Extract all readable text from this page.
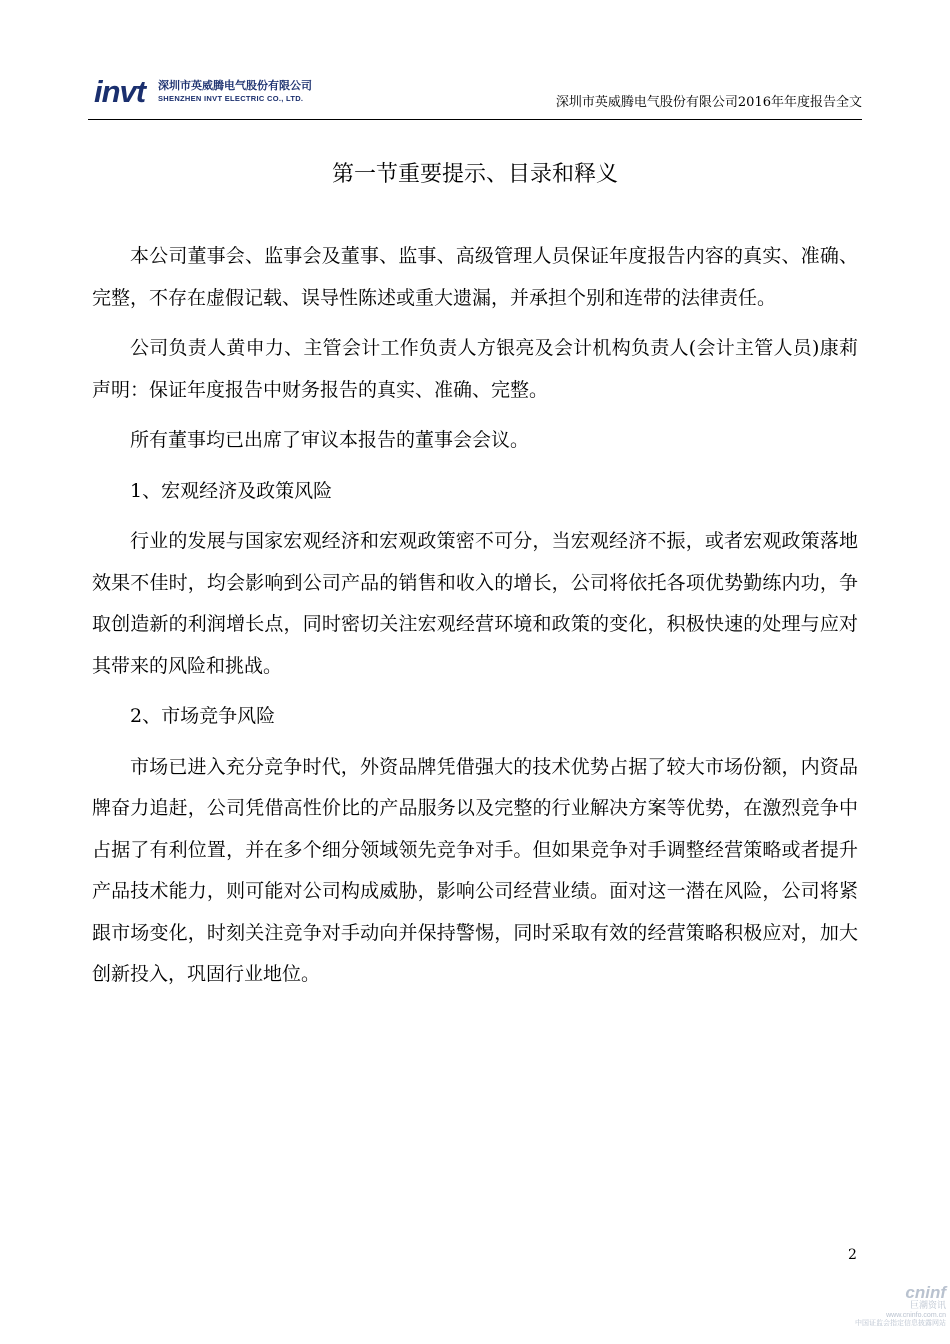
invt 深圳市英威腾电气股份有限公司
SHENZHEN INVT ELECTRIC CO., LTD.	深圳市英威腾电气股份有限公司2016年年度报告全文
第一节重要提示、目录和释义

本公司董事会、监事会及董事、监事、高级管理人员保证年度报告内容的真实、准确、完整，不存在虚假记载、误导性陈述或重大遗漏，并承担个别和连带的法律责任。

公司负责人黄申力、主管会计工作负责人方银亮及会计机构负责人(会计主管人员)康莉声明：保证年度报告中财务报告的真实、准确、完整。

所有董事均已出席了审议本报告的董事会会议。

1、宏观经济及政策风险

行业的发展与国家宏观经济和宏观政策密不可分，当宏观经济不振，或者宏观政策落地效果不佳时，均会影响到公司产品的销售和收入的增长，公司将依托各项优势勤练内功，争取创造新的利润增长点，同时密切关注宏观经营环境和政策的变化，积极快速的处理与应对其带来的风险和挑战。

2、市场竞争风险

市场已进入充分竞争时代，外资品牌凭借强大的技术优势占据了较大市场份额，内资品牌奋力追赶，公司凭借高性价比的产品服务以及完整的行业解决方案等优势，在激烈竞争中占据了有利位置，并在多个细分领域领先竞争对手。但如果竞争对手调整经营策略或者提升产品技术能力，则可能对公司构成威胁，影响公司经营业绩。面对这一潜在风险，公司将紧跟市场变化，时刻关注竞争对手动向并保持警惕，同时采取有效的经营策略积极应对，加大创新投入，巩固行业地位。

2
cninf
巨潮资讯
www.cninfo.com.cn
中国证监会指定信息披露网站
